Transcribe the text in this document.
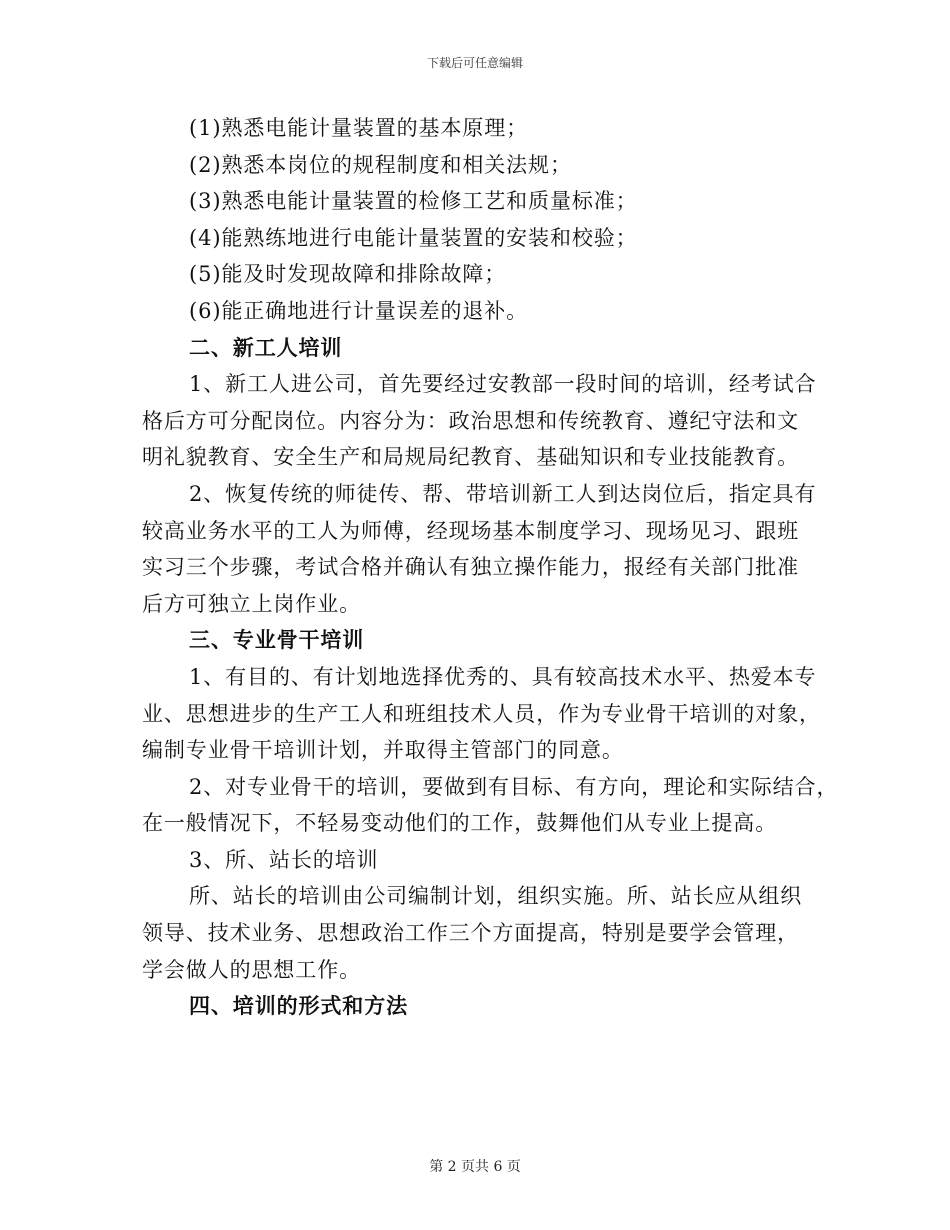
下载后可任意编辑
(1)熟悉电能计量装置的基本原理；
(2)熟悉本岗位的规程制度和相关法规；
(3)熟悉电能计量装置的检修工艺和质量标准；
(4)能熟练地进行电能计量装置的安装和校验；
(5)能及时发现故障和排除故障；
(6)能正确地进行计量误差的退补。
二、新工人培训
1、新工人进公司，首先要经过安教部一段时间的培训，经考试合
格后方可分配岗位。内容分为：政治思想和传统教育、遵纪守法和文
明礼貌教育、安全生产和局规局纪教育、基础知识和专业技能教育。
2、恢复传统的师徒传、帮、带培训新工人到达岗位后，指定具有
较高业务水平的工人为师傅，经现场基本制度学习、现场见习、跟班
实习三个步骤，考试合格并确认有独立操作能力，报经有关部门批准
后方可独立上岗作业。
三、专业骨干培训
1、有目的、有计划地选择优秀的、具有较高技术水平、热爱本专
业、思想进步的生产工人和班组技术人员，作为专业骨干培训的对象，
编制专业骨干培训计划，并取得主管部门的同意。
2、对专业骨干的培训，要做到有目标、有方向，理论和实际结合，
在一般情况下，不轻易变动他们的工作，鼓舞他们从专业上提高。
3、所、站长的培训
所、站长的培训由公司编制计划，组织实施。所、站长应从组织
领导、技术业务、思想政治工作三个方面提高，特别是要学会管理，
学会做人的思想工作。
四、培训的形式和方法
第 2 页共 6 页
